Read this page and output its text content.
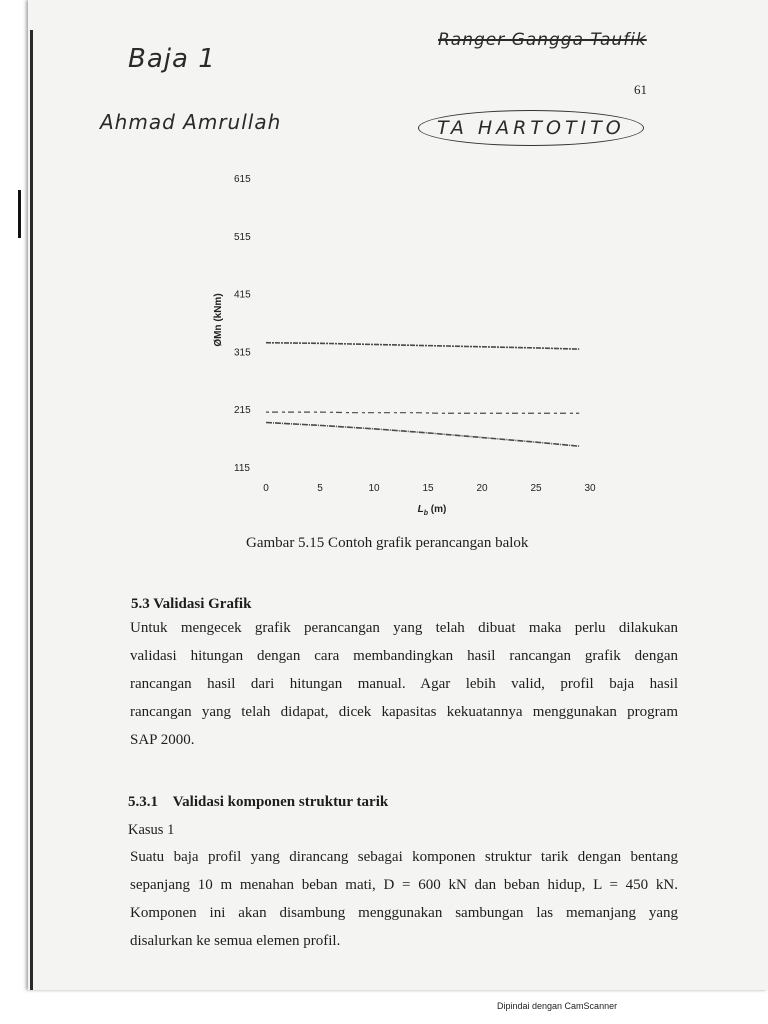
Baja 1
Ahmad Amrullah
Ranger Gangga Taufik
TA HARTOTITO
61
115
215
315
415
515
615
0	5	10	15	20	25	30
ØMn (kNm)
$L_b$ (m)
Gambar 5.15 Contoh grafik perancangan balok
5.3 Validasi Grafik
Untuk mengecek grafik perancangan yang telah dibuat maka perlu dilakukan
validasi hitungan dengan cara membandingkan hasil rancangan grafik dengan
rancangan hasil dari hitungan manual. Agar lebih valid, profil baja hasil
rancangan yang telah didapat, dicek kapasitas kekuatannya menggunakan program
SAP 2000.
5.3.1    Validasi komponen struktur tarik
Kasus 1
Suatu baja profil yang dirancang sebagai komponen struktur tarik dengan bentang
sepanjang 10 m menahan beban mati, D = 600 kN dan beban hidup, L = 450 kN.
Komponen ini akan disambung menggunakan sambungan las memanjang yang
disalurkan ke semua elemen profil.
Dipindai dengan CamScanner
